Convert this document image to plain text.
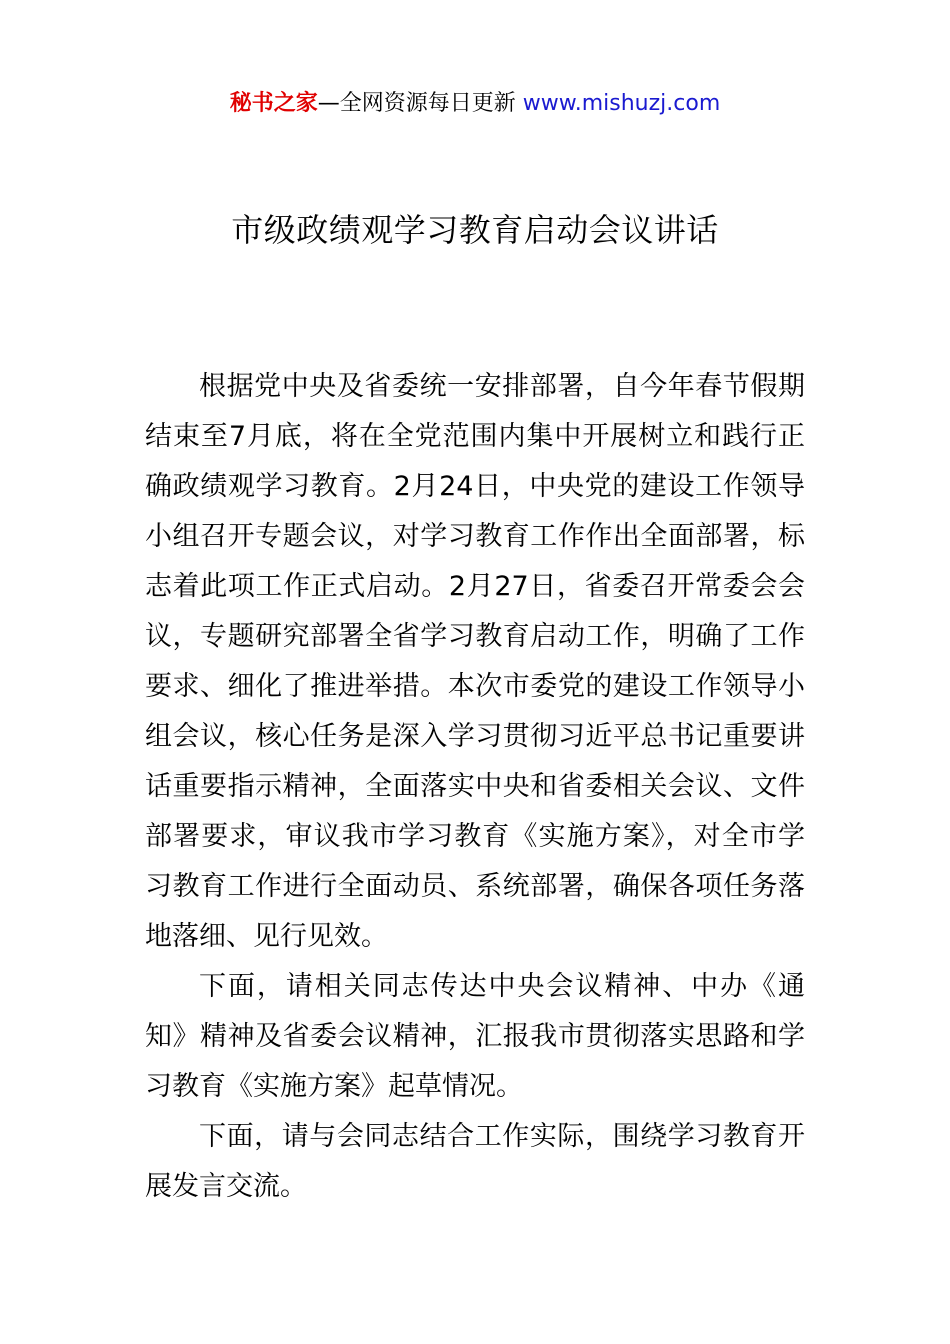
秘书之家—全网资源每日更新 www.mishuzj.com
市级政绩观学习教育启动会议讲话

根据党中央及省委统一安排部署，自今年春节假期结束至7月底，将在全党范围内集中开展树立和践行正确政绩观学习教育。2月24日，中央党的建设工作领导小组召开专题会议，对学习教育工作作出全面部署，标志着此项工作正式启动。2月27日，省委召开常委会会议，专题研究部署全省学习教育启动工作，明确了工作要求、细化了推进举措。本次市委党的建设工作领导小组会议，核心任务是深入学习贯彻习近平总书记重要讲话重要指示精神，全面落实中央和省委相关会议、文件部署要求，审议我市学习教育《实施方案》，对全市学习教育工作进行全面动员、系统部署，确保各项任务落地落细、见行见效。

下面，请相关同志传达中央会议精神、中办《通知》精神及省委会议精神，汇报我市贯彻落实思路和学习教育《实施方案》起草情况。

下面，请与会同志结合工作实际，围绕学习教育开展发言交流。
